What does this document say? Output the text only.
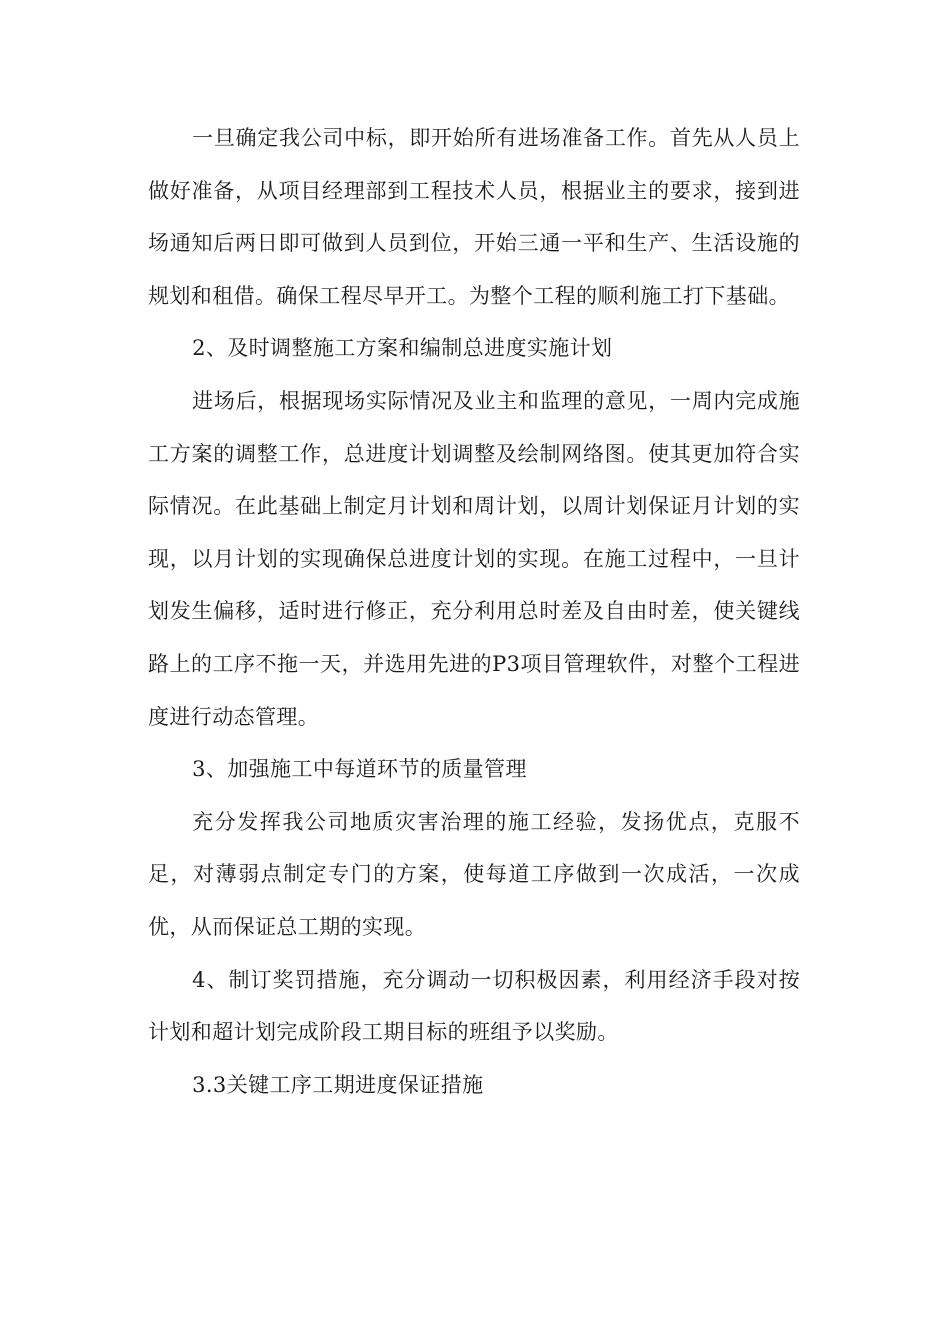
一旦确定我公司中标，即开始所有进场准备工作。首先从人员上做好准备，从项目经理部到工程技术人员，根据业主的要求，接到进场通知后两日即可做到人员到位，开始三通一平和生产、生活设施的规划和租借。确保工程尽早开工。为整个工程的顺利施工打下基础。

2、及时调整施工方案和编制总进度实施计划

进场后，根据现场实际情况及业主和监理的意见，一周内完成施工方案的调整工作，总进度计划调整及绘制网络图。使其更加符合实际情况。在此基础上制定月计划和周计划，以周计划保证月计划的实现，以月计划的实现确保总进度计划的实现。在施工过程中，一旦计划发生偏移，适时进行修正，充分利用总时差及自由时差，使关键线路上的工序不拖一天，并选用先进的P3项目管理软件，对整个工程进度进行动态管理。

3、加强施工中每道环节的质量管理

充分发挥我公司地质灾害治理的施工经验，发扬优点，克服不足，对薄弱点制定专门的方案，使每道工序做到一次成活，一次成优，从而保证总工期的实现。

4、制订奖罚措施，充分调动一切积极因素，利用经济手段对按计划和超计划完成阶段工期目标的班组予以奖励。

3.3关键工序工期进度保证措施
